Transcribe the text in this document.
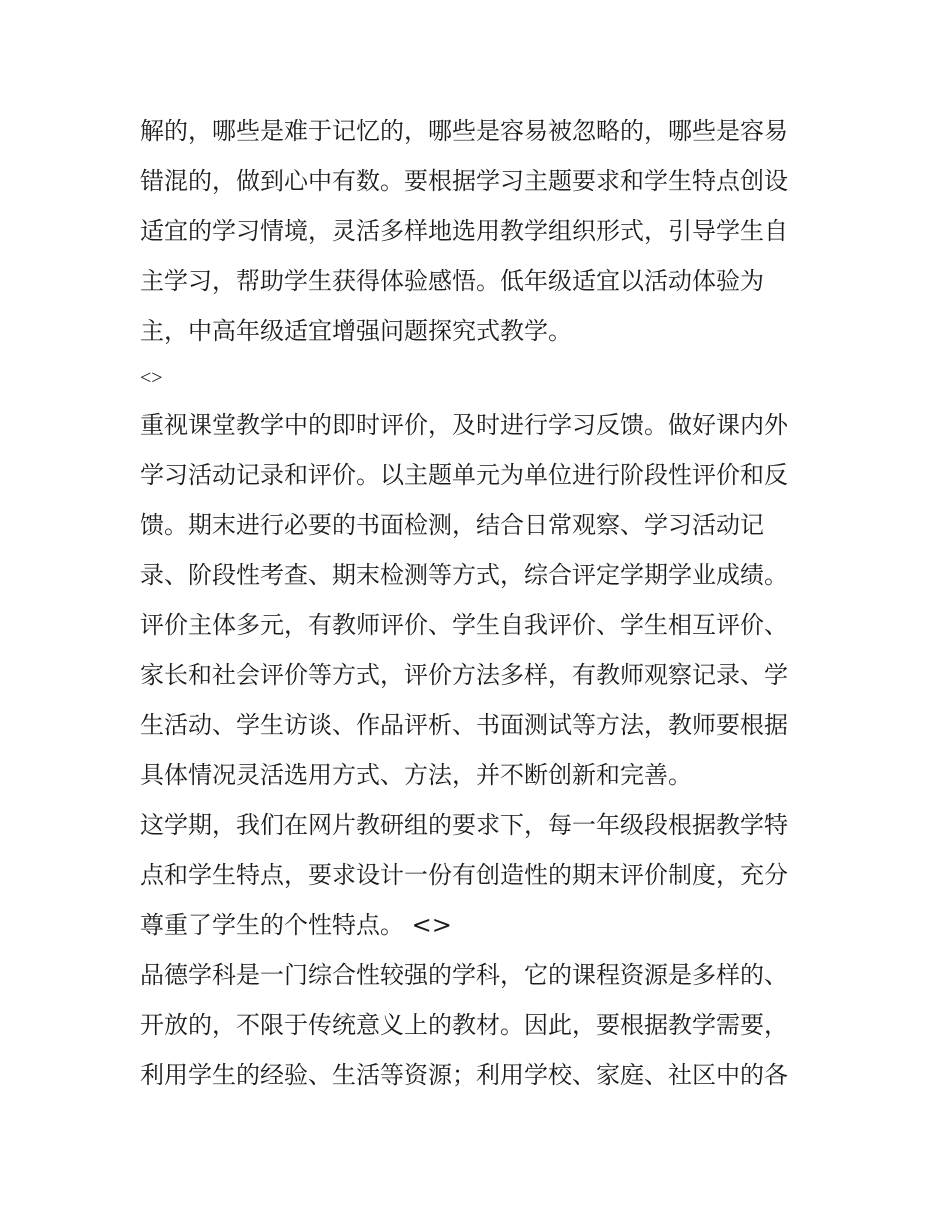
解的，哪些是难于记忆的，哪些是容易被忽略的，哪些是容易
错混的，做到心中有数。要根据学习主题要求和学生特点创设
适宜的学习情境，灵活多样地选用教学组织形式，引导学生自
主学习，帮助学生获得体验感悟。低年级适宜以活动体验为
主，中高年级适宜增强问题探究式教学。
<>
重视课堂教学中的即时评价，及时进行学习反馈。做好课内外
学习活动记录和评价。以主题单元为单位进行阶段性评价和反
馈。期末进行必要的书面检测，结合日常观察、学习活动记
录、阶段性考查、期末检测等方式，综合评定学期学业成绩。
评价主体多元，有教师评价、学生自我评价、学生相互评价、
家长和社会评价等方式，评价方法多样，有教师观察记录、学
生活动、学生访谈、作品评析、书面测试等方法，教师要根据
具体情况灵活选用方式、方法，并不断创新和完善。
这学期，我们在网片教研组的要求下，每一年级段根据教学特
点和学生特点，要求设计一份有创造性的期末评价制度，充分
尊重了学生的个性特点。 <>
品德学科是一门综合性较强的学科，它的课程资源是多样的、
开放的，不限于传统意义上的教材。因此，要根据教学需要，
利用学生的经验、生活等资源；利用学校、家庭、社区中的各
